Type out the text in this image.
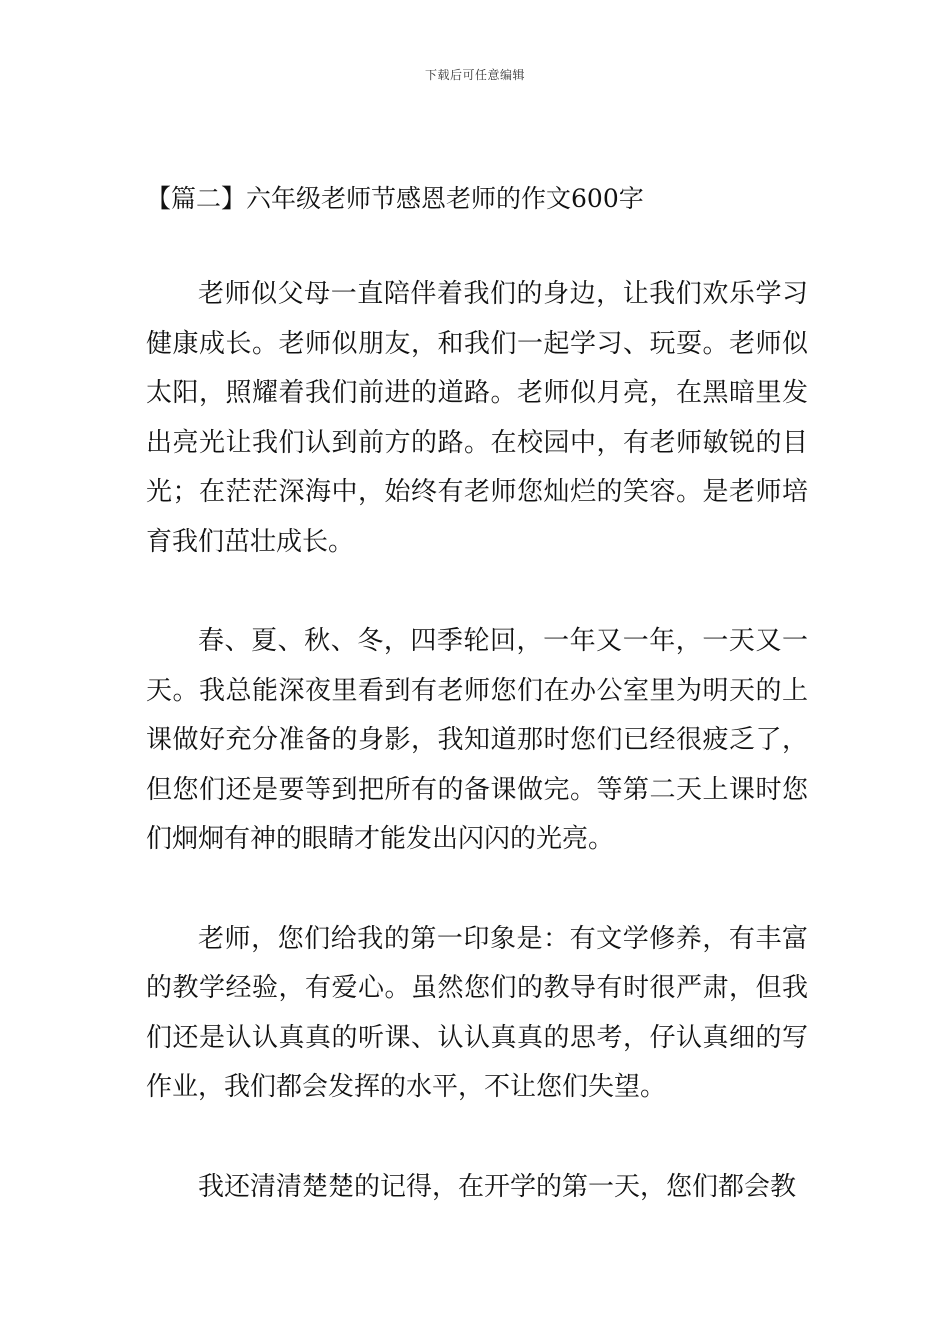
下载后可任意编辑
【篇二】六年级老师节感恩老师的作文600字

老师似父母一直陪伴着我们的身边，让我们欢乐学习健康成长。老师似朋友，和我们一起学习、玩耍。老师似太阳，照耀着我们前进的道路。老师似月亮，在黑暗里发出亮光让我们认到前方的路。在校园中，有老师敏锐的目光；在茫茫深海中，始终有老师您灿烂的笑容。是老师培育我们茁壮成长。

春、夏、秋、冬，四季轮回，一年又一年，一天又一天。我总能深夜里看到有老师您们在办公室里为明天的上课做好充分准备的身影，我知道那时您们已经很疲乏了，但您们还是要等到把所有的备课做完。等第二天上课时您们炯炯有神的眼睛才能发出闪闪的光亮。

老师，您们给我的第一印象是：有文学修养，有丰富的教学经验，有爱心。虽然您们的教导有时很严肃，但我们还是认认真真的听课、认认真真的思考，仔认真细的写作业，我们都会发挥的水平，不让您们失望。

我还清清楚楚的记得，在开学的第一天，您们都会教
